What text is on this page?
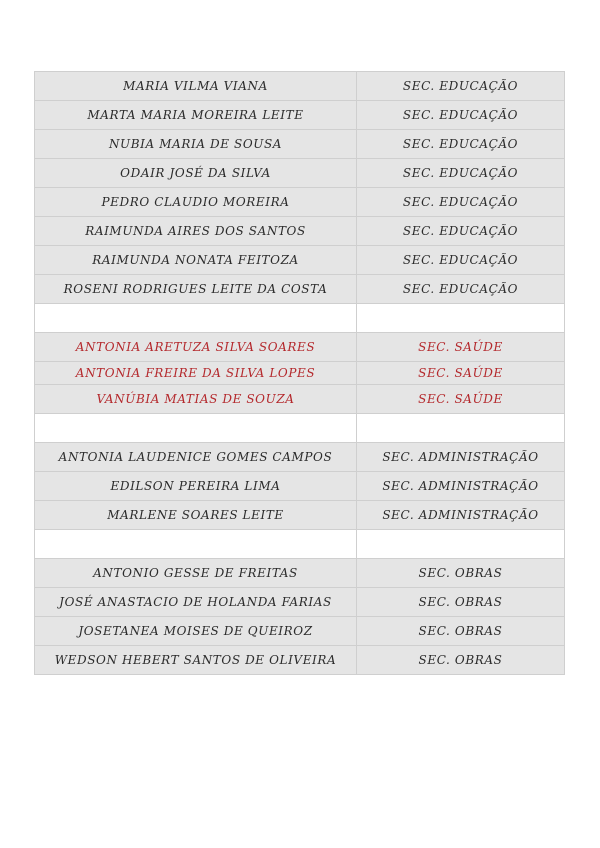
MARIA VILMA VIANA	SEC. EDUCAÇÃO
MARTA MARIA MOREIRA LEITE	SEC. EDUCAÇÃO
NUBIA MARIA DE SOUSA	SEC. EDUCAÇÃO
ODAIR JOSÉ DA SILVA	SEC. EDUCAÇÃO
PEDRO CLAUDIO MOREIRA	SEC. EDUCAÇÃO
RAIMUNDA AIRES DOS SANTOS	SEC. EDUCAÇÃO
RAIMUNDA NONATA FEITOZA	SEC. EDUCAÇÃO
ROSENI RODRIGUES LEITE DA COSTA	SEC. EDUCAÇÃO

ANTONIA ARETUZA SILVA SOARES	SEC. SAÚDE
ANTONIA FREIRE DA SILVA LOPES	SEC. SAÚDE
VANÚBIA MATIAS DE SOUZA	SEC. SAÚDE

ANTONIA LAUDENICE GOMES CAMPOS	SEC. ADMINISTRAÇÃO
EDILSON PEREIRA LIMA	SEC. ADMINISTRAÇÃO
MARLENE SOARES LEITE	SEC. ADMINISTRAÇÃO

ANTONIO GESSE DE FREITAS	SEC. OBRAS
JOSÉ ANASTACIO DE HOLANDA FARIAS	SEC. OBRAS
JOSETANEA MOISES DE QUEIROZ	SEC. OBRAS
WEDSON HEBERT SANTOS DE OLIVEIRA	SEC. OBRAS
